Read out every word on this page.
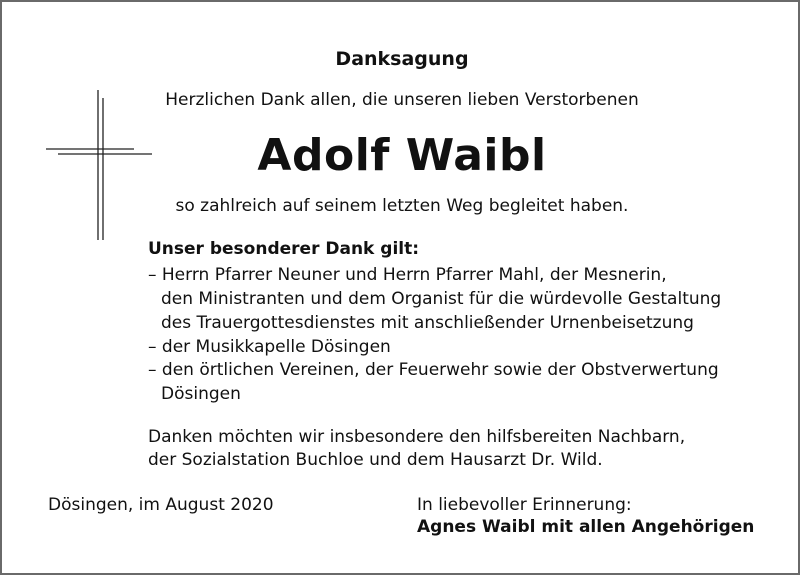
Danksagung
Herzlichen Dank allen, die unseren lieben Verstorbenen
Adolf Waibl
so zahlreich auf seinem letzten Weg begleitet haben.
Unser besonderer Dank gilt:
– Herrn Pfarrer Neuner und Herrn Pfarrer Mahl, der Mesnerin,
den Ministranten und dem Organist für die würdevolle Gestaltung
des Trauergottesdienstes mit anschließender Urnenbeisetzung
– der Musikkapelle Dösingen
– den örtlichen Vereinen, der Feuerwehr sowie der Obstverwertung
Dösingen
Danken möchten wir insbesondere den hilfsbereiten Nachbarn,
der Sozialstation Buchloe und dem Hausarzt Dr. Wild.
Dösingen, im August 2020	In liebevoller Erinnerung:
Agnes Waibl mit allen Angehörigen
